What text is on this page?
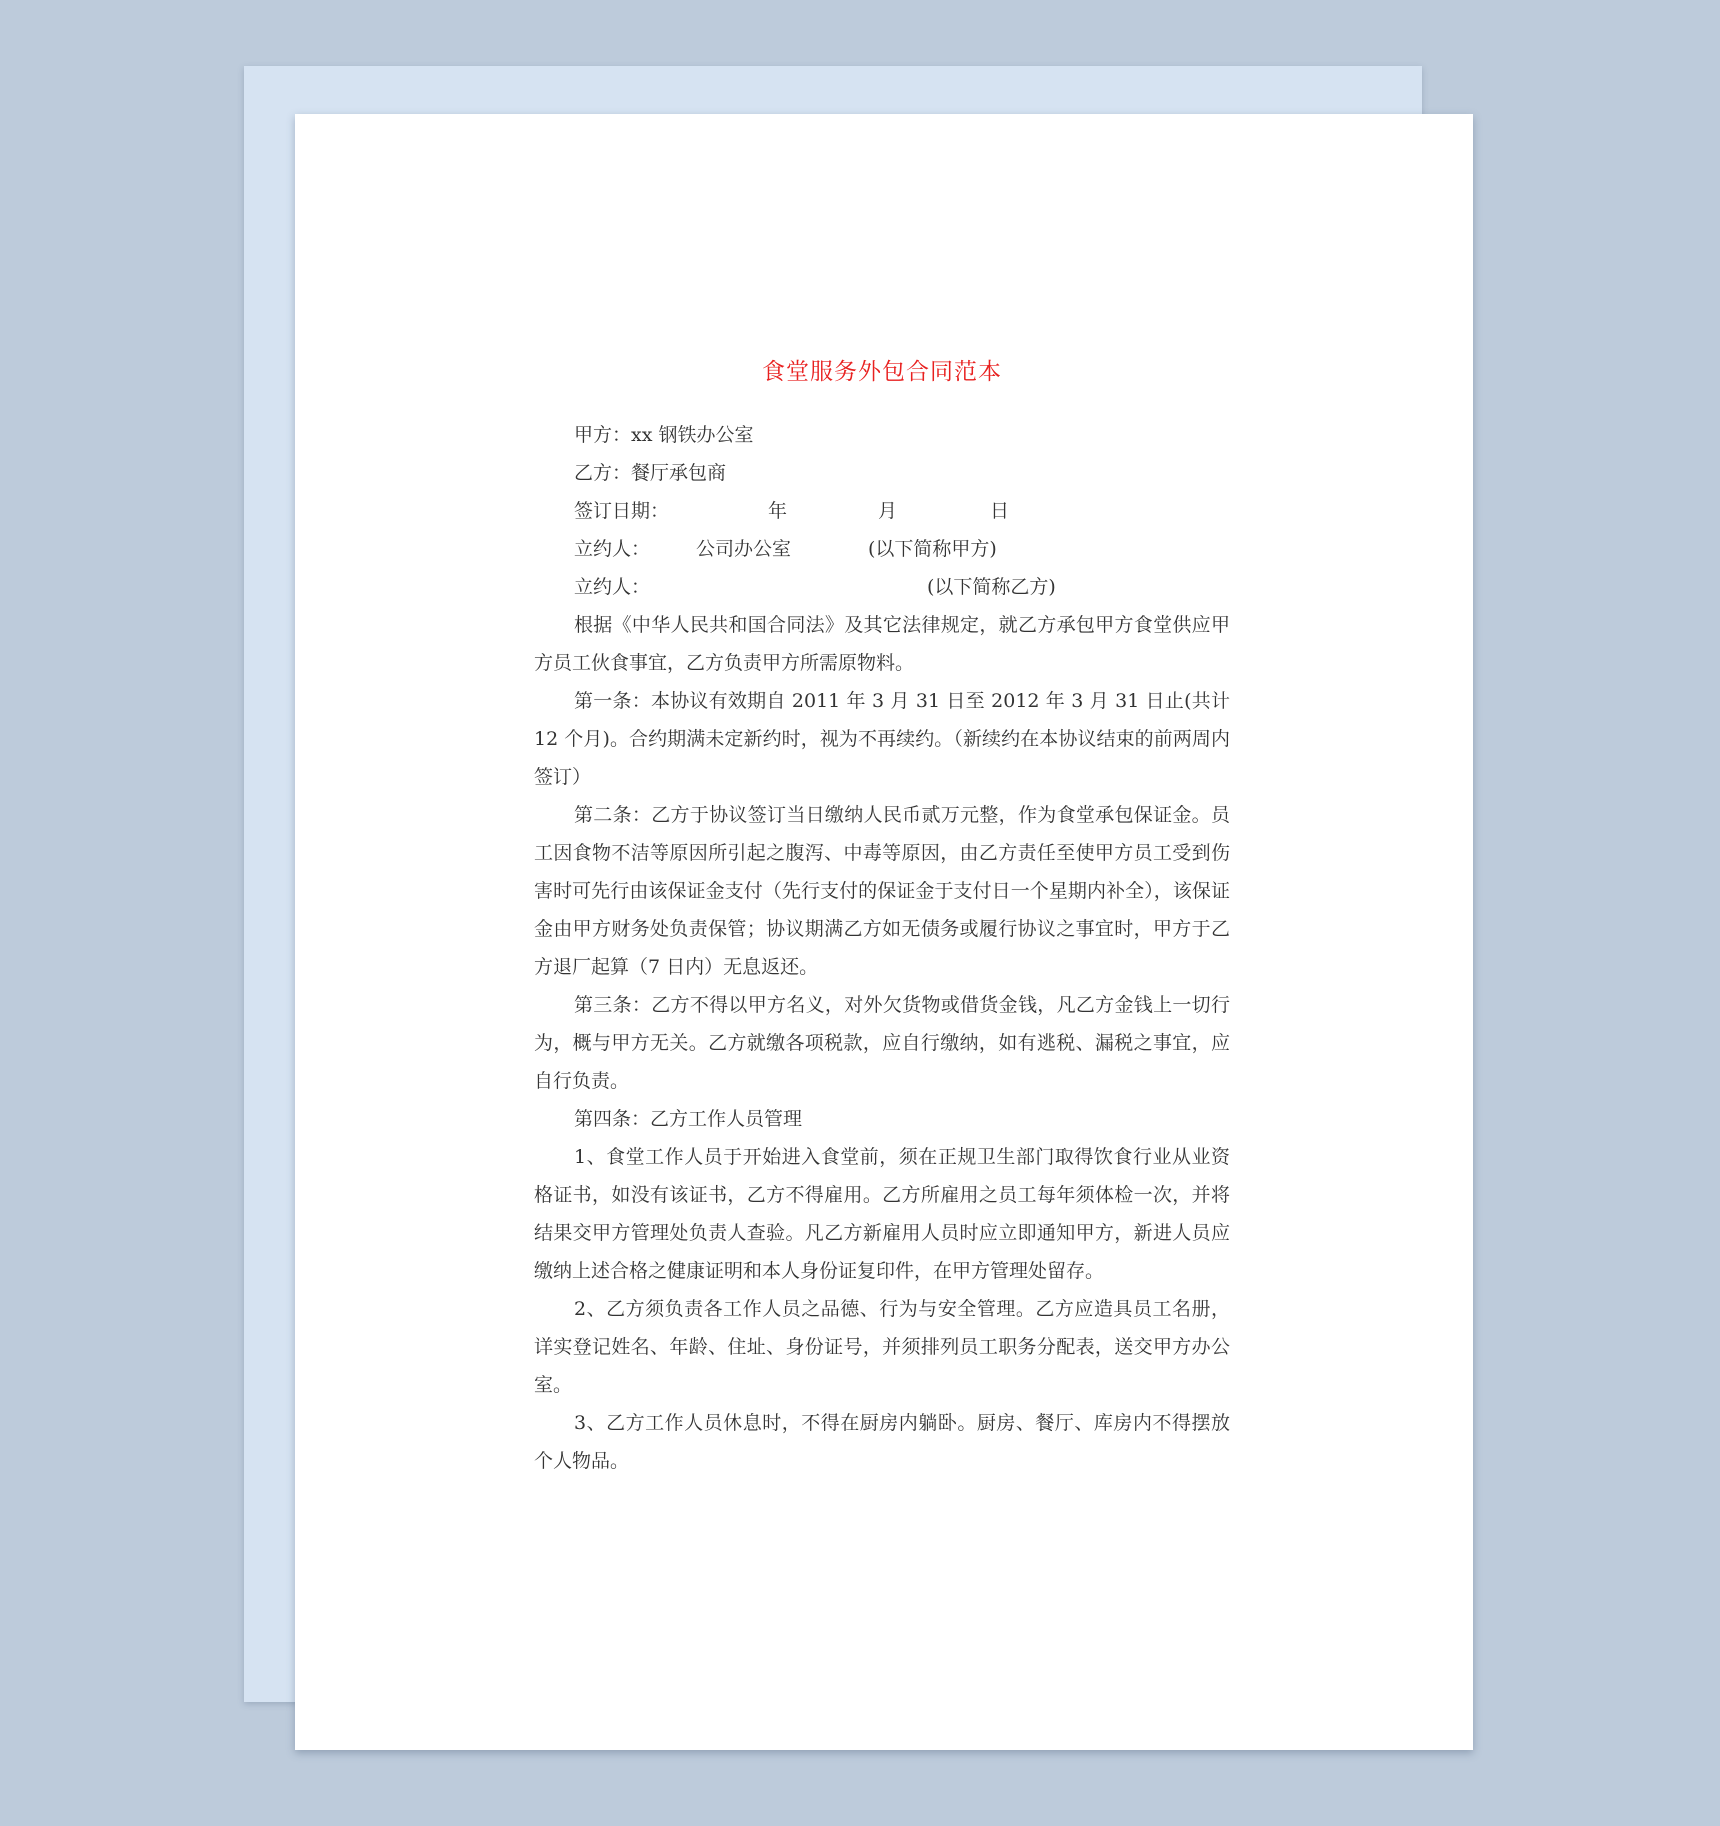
食堂服务外包合同范本
甲方：xx 钢铁办公室
乙方：餐厅承包商
签订日期：	年	月	日
立约人： 公司办公室	(以下简称甲方)
立约人：	(以下简称乙方)

根据《中华人民共和国合同法》及其它法律规定，就乙方承包甲方食堂供应甲方员工伙食事宜，乙方负责甲方所需原物料。

第一条：本协议有效期自 2011 年 3 月 31 日至 2012 年 3 月 31 日止(共计 12 个月)。合约期满未定新约时，视为不再续约。（新续约在本协议结束的前两周内签订）

第二条：乙方于协议签订当日缴纳人民币贰万元整，作为食堂承包保证金。员工因食物不洁等原因所引起之腹泻、中毒等原因，由乙方责任至使甲方员工受到伤害时可先行由该保证金支付（先行支付的保证金于支付日一个星期内补全），该保证金由甲方财务处负责保管；协议期满乙方如无债务或履行协议之事宜时，甲方于乙方退厂起算（7 日内）无息返还。

第三条：乙方不得以甲方名义，对外欠货物或借货金钱，凡乙方金钱上一切行为，概与甲方无关。乙方就缴各项税款，应自行缴纳，如有逃税、漏税之事宜，应自行负责。

第四条：乙方工作人员管理

1、食堂工作人员于开始进入食堂前，须在正规卫生部门取得饮食行业从业资格证书，如没有该证书，乙方不得雇用。乙方所雇用之员工每年须体检一次，并将结果交甲方管理处负责人查验。凡乙方新雇用人员时应立即通知甲方，新进人员应缴纳上述合格之健康证明和本人身份证复印件，在甲方管理处留存。

2、乙方须负责各工作人员之品德、行为与安全管理。乙方应造具员工名册，详实登记姓名、年龄、住址、身份证号，并须排列员工职务分配表，送交甲方办公室。

3、乙方工作人员休息时，不得在厨房内躺卧。厨房、餐厅、库房内不得摆放个人物品。
